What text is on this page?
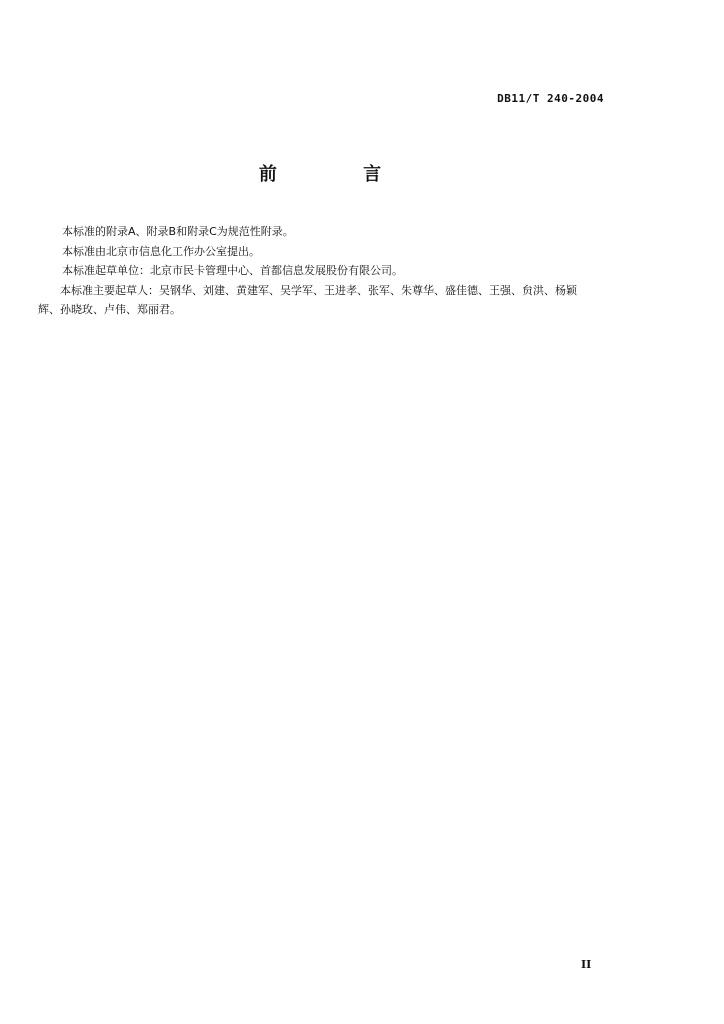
DB11/T 240-2004
前 言

本标准的附录A、附录B和附录C为规范性附录。

本标准由北京市信息化工作办公室提出。

本标准起草单位：北京市民卡管理中心、首都信息发展股份有限公司。

本标准主要起草人：吴钢华、刘建、黄建军、吴学军、王进孝、张军、朱尊华、盛佳德、王强、贠洪、杨颖辉、孙晓玫、卢伟、郑丽君。

II
